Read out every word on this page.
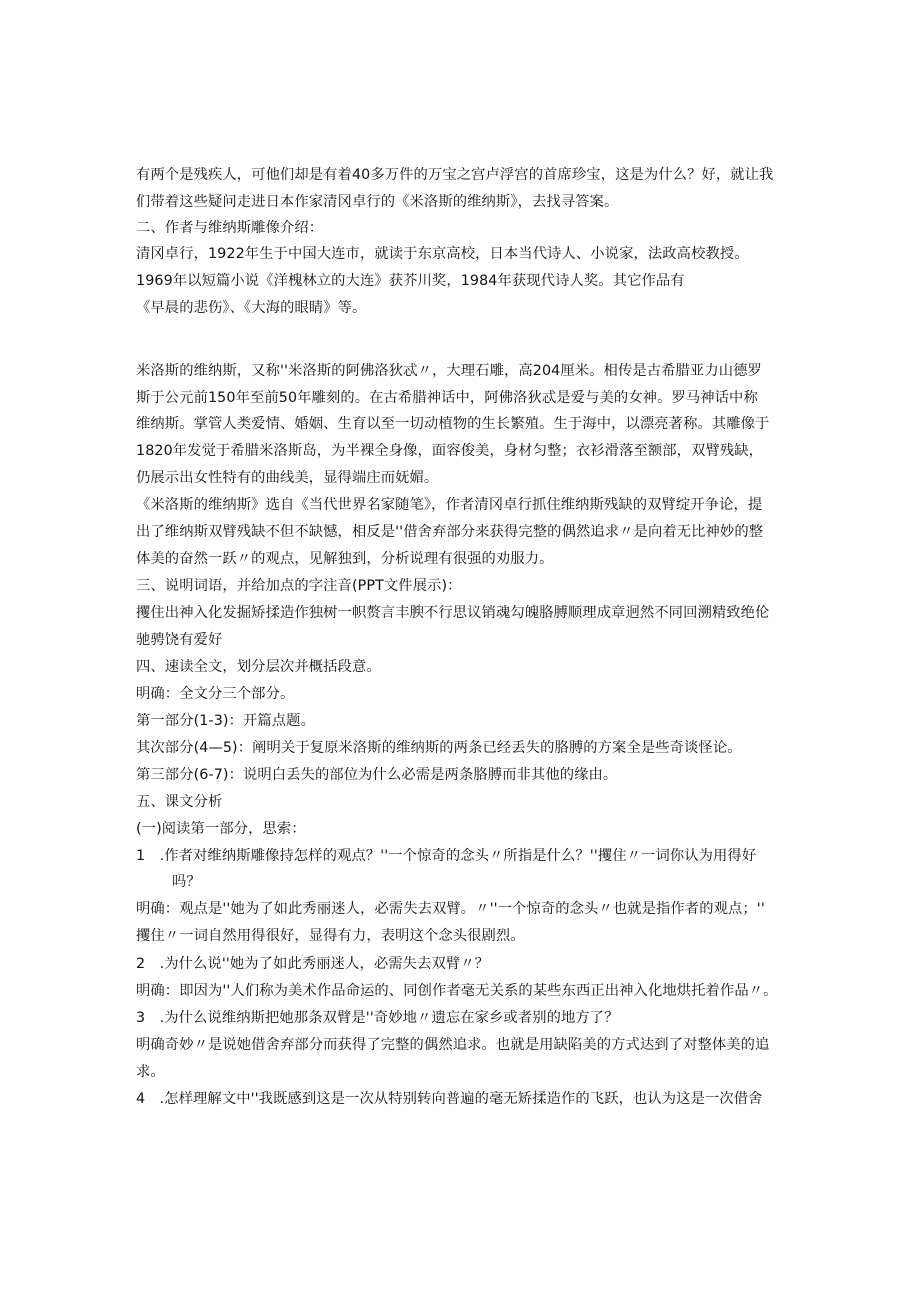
有两个是残疾人，可他们却是有着40多万件的万宝之宫卢浮宫的首席珍宝，这是为什么？好，就让我
们带着这些疑问走进日本作家清冈卓行的《米洛斯的维纳斯》，去找寻答案。
二、作者与维纳斯雕像介绍：
清冈卓行，1922年生于中国大连市，就读于东京高校，日本当代诗人、小说家，法政高校教授。
1969年以短篇小说《洋槐林立的大连》获芥川奖，1984年获现代诗人奖。其它作品有
《早晨的悲伤》、《大海的眼睛》等。
米洛斯的维纳斯，又称''米洛斯的阿佛洛狄忒〃，大理石雕，高204厘米。相传是古希腊亚力山德罗
斯于公元前150年至前50年雕刻的。在古希腊神话中，阿佛洛狄忒是爱与美的女神。罗马神话中称
维纳斯。掌管人类爱情、婚姻、生育以至一切动植物的生长繁殖。生于海中，以漂亮著称。其雕像于
1820年发觉于希腊米洛斯岛，为半裸全身像，面容俊美，身材匀整；衣衫滑落至额部，双臂残缺，
仍展示出女性特有的曲线美，显得端庄而妩媚。
《米洛斯的维纳斯》选自《当代世界名家随笔》，作者清冈卓行抓住维纳斯残缺的双臂绽开争论，提
出了维纳斯双臂残缺不但不缺憾，相反是''借舍弃部分来获得完整的偶然追求〃是向着无比神妙的整
体美的奋然一跃〃的观点，见解独到，分析说理有很强的劝服力。
三、说明词语，并给加点的字注音(PPT文件展示)：
攫住出神入化发掘矫揉造作独树一帜赘言丰腴不行思议销魂勾魄胳膊顺理成章迥然不同回溯精致绝伦
驰骋饶有爱好
四、速读全文，划分层次并概括段意。
明确：全文分三个部分。
第一部分(1-3)：开篇点题。
其次部分(4—5)：阐明关于复原米洛斯的维纳斯的两条已经丢失的胳膊的方案全是些奇谈怪论。
第三部分(6-7)：说明白丢失的部位为什么必需是两条胳膊而非其他的缘由。
五、课文分析
(一)阅读第一部分，思索：
1　.作者对维纳斯雕像持怎样的观点？''一个惊奇的念头〃所指是什么？''攫住〃一词你认为用得好
吗？
明确：观点是''她为了如此秀丽迷人，必需失去双臂。〃''一个惊奇的念头〃也就是指作者的观点；''
攫住〃一词自然用得很好，显得有力，表明这个念头很剧烈。
2　.为什么说''她为了如此秀丽迷人，必需失去双臂〃？
明确：即因为''人们称为美术作品命运的、同创作者毫无关系的某些东西正出神入化地烘托着作品〃。
3　.为什么说维纳斯把她那条双臂是''奇妙地〃遗忘在家乡或者别的地方了？
明确奇妙〃是说她借舍弃部分而获得了完整的偶然追求。也就是用缺陷美的方式达到了对整体美的追
求。
4　.怎样理解文中''我既感到这是一次从特别转向普遍的毫无矫揉造作的飞跃，也认为这是一次借舍
